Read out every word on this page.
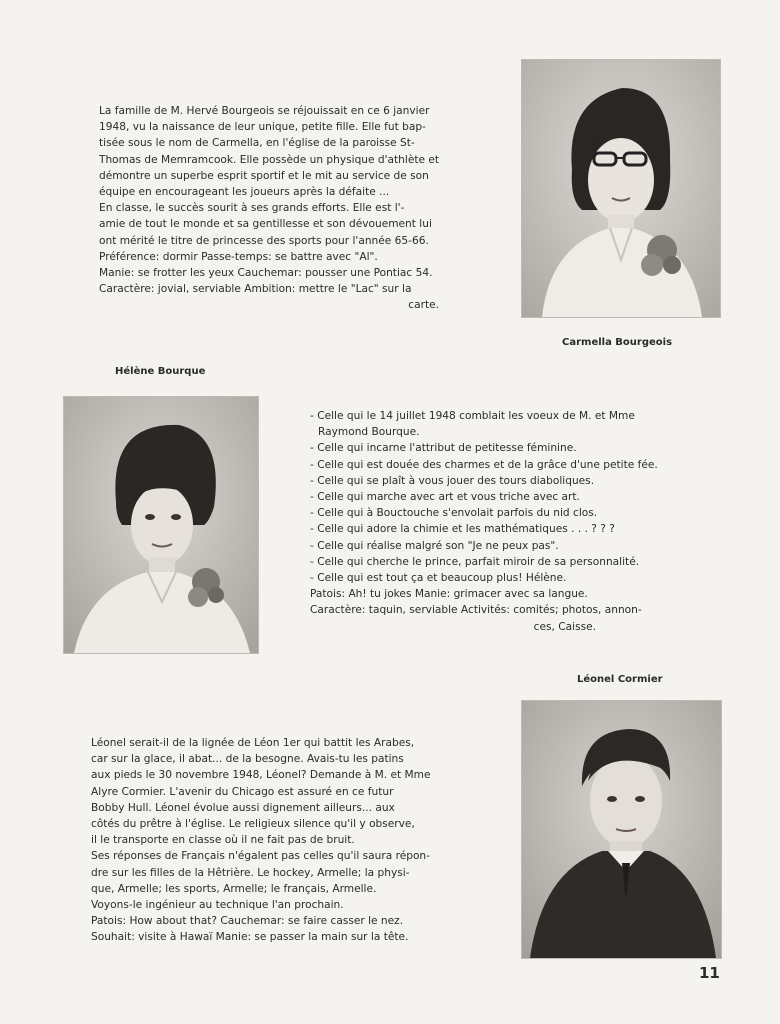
La famille de M. Hervé Bourgeois se réjouissait en ce 6 janvier
1948, vu la naissance de leur unique, petite fille. Elle fut bap-
tisée sous le nom de Carmella, en l'église de la paroisse St-
Thomas de Memramcook. Elle possède un physique d'athlète et
démontre un superbe esprit sportif et le mit au service de son
équipe en encourageant les joueurs après la défaite ...
En classe, le succès sourit à ses grands efforts. Elle est l'-
amie de tout le monde et sa gentillesse et son dévouement lui
ont mérité le titre de princesse des sports pour l'année 65-66.
Préférence: dormir Passe-temps: se battre avec "Al".
Manie: se frotter les yeux Cauchemar: pousser une Pontiac 54.
Caractère: jovial, serviable Ambition: mettre le "Lac" sur la
carte.
Carmella Bourgeois
Hélène Bourque
- Celle qui le 14 juillet 1948 comblait les voeux de M. et Mme
Raymond Bourque.
- Celle qui incarne l'attribut de petitesse féminine.
- Celle qui est douée des charmes et de la grâce d'une petite fée.
- Celle qui se plaît à vous jouer des tours diaboliques.
- Celle qui marche avec art et vous triche avec art.
- Celle qui à Bouctouche s'envolait parfois du nid clos.
- Celle qui adore la chimie et les mathématiques . . . ? ? ?
- Celle qui réalise malgré son "Je ne peux pas".
- Celle qui cherche le prince, parfait miroir de sa personnalité.
- Celle qui est tout ça et beaucoup plus! Hélène.
Patois: Ah! tu jokes Manie: grimacer avec sa langue.
Caractère: taquin, serviable Activités: comités; photos, annon-
ces, Caisse.
Léonel Cormier
Léonel serait-il de la lignée de Léon 1er qui battit les Arabes,
car sur la glace, il abat... de la besogne. Avais-tu les patins
aux pieds le 30 novembre 1948, Léonel? Demande à M. et Mme
Alyre Cormier. L'avenir du Chicago est assuré en ce futur
Bobby Hull. Léonel évolue aussi dignement ailleurs... aux
côtés du prêtre à l'église. Le religieux silence qu'il y observe,
il le transporte en classe où il ne fait pas de bruit.
Ses réponses de Français n'égalent pas celles qu'il saura répon-
dre sur les filles de la Hêtrière. Le hockey, Armelle; la physi-
que, Armelle; les sports, Armelle; le français, Armelle.
Voyons-le ingénieur au technique l'an prochain.
Patois: How about that? Cauchemar: se faire casser le nez.
Souhait: visite à Hawaï Manie: se passer la main sur la tête.
11
